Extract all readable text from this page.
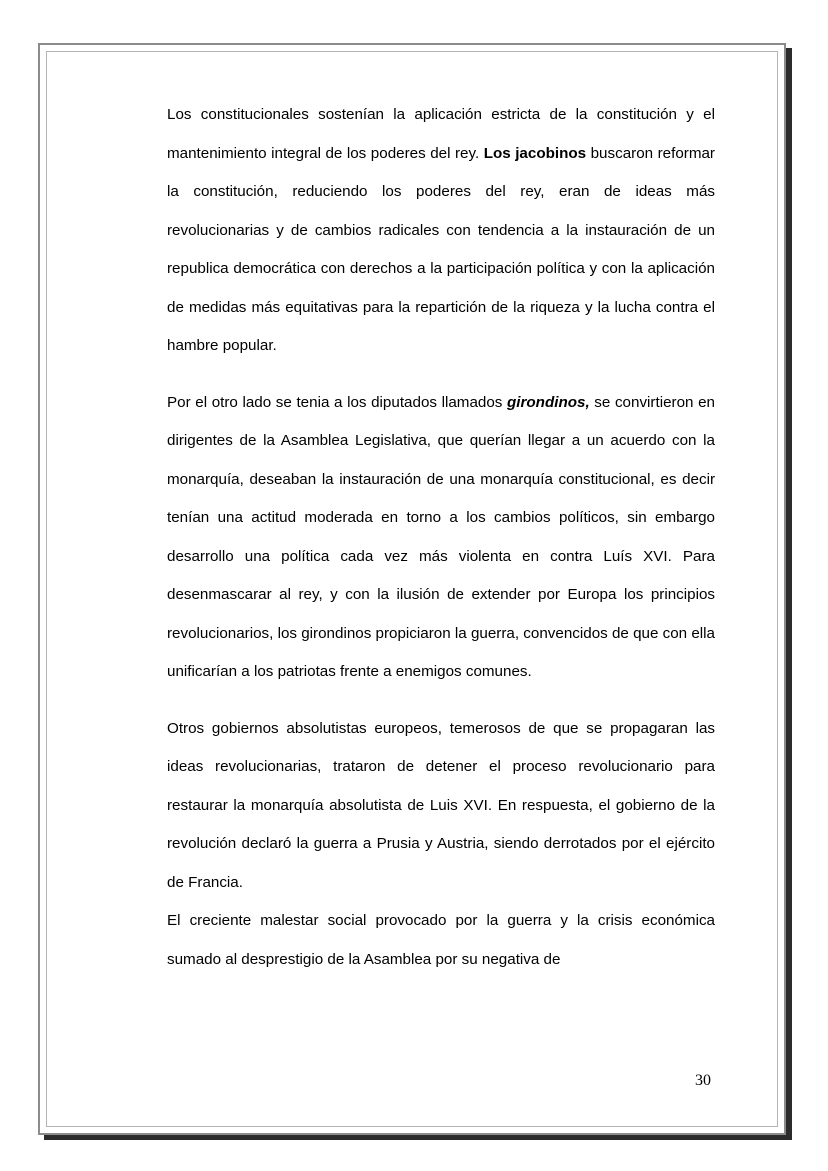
Los constitucionales sostenían la aplicación estricta de la constitución y el mantenimiento integral de los poderes del rey. Los jacobinos buscaron reformar la constitución, reduciendo los poderes del rey, eran de ideas más revolucionarias y de cambios radicales con tendencia a la instauración de un republica democrática con derechos a la participación política y con la aplicación de medidas más equitativas para la repartición de la riqueza y la lucha contra el hambre popular.

Por el otro lado se tenia a los diputados llamados girondinos, se convirtieron en dirigentes de la Asamblea Legislativa, que querían llegar a un acuerdo con la monarquía, deseaban la instauración de una monarquía constitucional, es decir tenían una actitud moderada en torno a los cambios políticos, sin embargo desarrollo una política cada vez más violenta en contra Luís XVI. Para desenmascarar al rey, y con la ilusión de extender por Europa los principios revolucionarios, los girondinos propiciaron la guerra, convencidos de que con ella unificarían a los patriotas frente a enemigos comunes.

Otros gobiernos absolutistas europeos, temerosos de que se propagaran las ideas revolucionarias, trataron de detener el proceso revolucionario para restaurar la monarquía absolutista de Luis XVI. En respuesta, el gobierno de la revolución declaró la guerra a Prusia y Austria, siendo derrotados por el ejército de Francia.

El creciente malestar social provocado por la guerra y la crisis económica sumado al desprestigio de la Asamblea por su negativa de

30
